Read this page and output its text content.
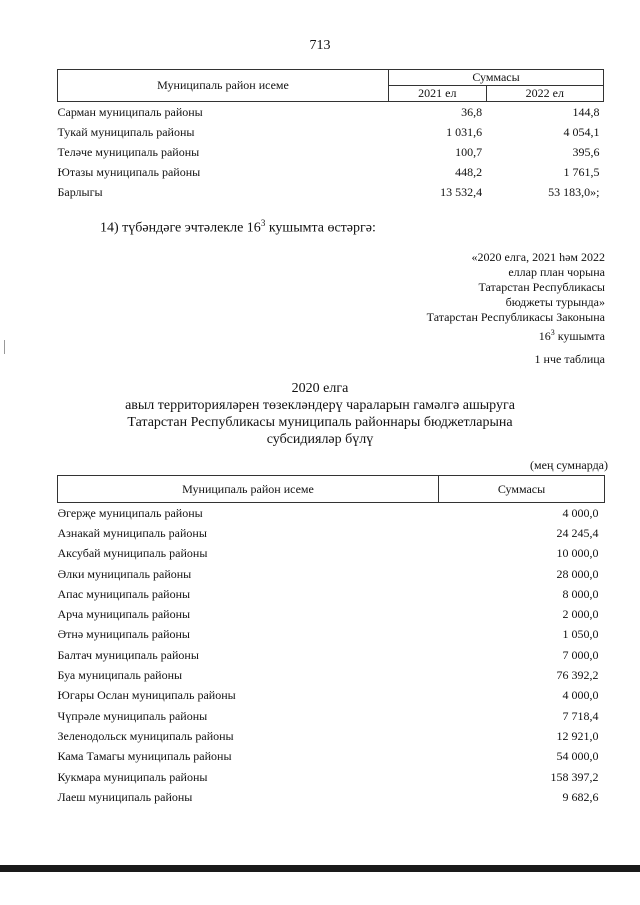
713
Муниципаль район исеме	Суммасы	
	2021 ел	2022 ел
Сарман муниципаль районы	36,8	144,8
Тукай муниципаль районы	1 031,6	4 054,1
Теләче муниципаль районы	100,7	395,6
Ютазы муниципаль районы	448,2	1 761,5
Барлыгы	13 532,4	53 183,0»;
14) түбәндәге эчтәлекле $16^3$ кушымта өстәргә:
«2020 елга, 2021 һәм 2022
еллар план чорына
Татарстан Республикасы
бюджеты турында»
Татарстан Республикасы Законына
$16^3$ кушымта
1 нче таблица
2020 елга
авыл территорияләрен төзекләндерү чараларын гамәлгә ашыруга
Татарстан Республикасы муниципаль районнары бюджетларына
субсидияләр бүлү
(мең сумнарда)
Муниципаль район исеме	Суммасы
Әгерҗе муниципаль районы	4 000,0
Азнакай муниципаль районы	24 245,4
Аксубай муниципаль районы	10 000,0
Әлки муниципаль районы	28 000,0
Апас муниципаль районы	8 000,0
Арча муниципаль районы	2 000,0
Әтнә муниципаль районы	1 050,0
Балтач муниципаль районы	7 000,0
Буа муниципаль районы	76 392,2
Югары Ослан муниципаль районы	4 000,0
Чүпрәле муниципаль районы	7 718,4
Зеленодольск муниципаль районы	12 921,0
Кама Тамагы муниципаль районы	54 000,0
Кукмара муниципаль районы	158 397,2
Лаеш муниципаль районы	9 682,6
